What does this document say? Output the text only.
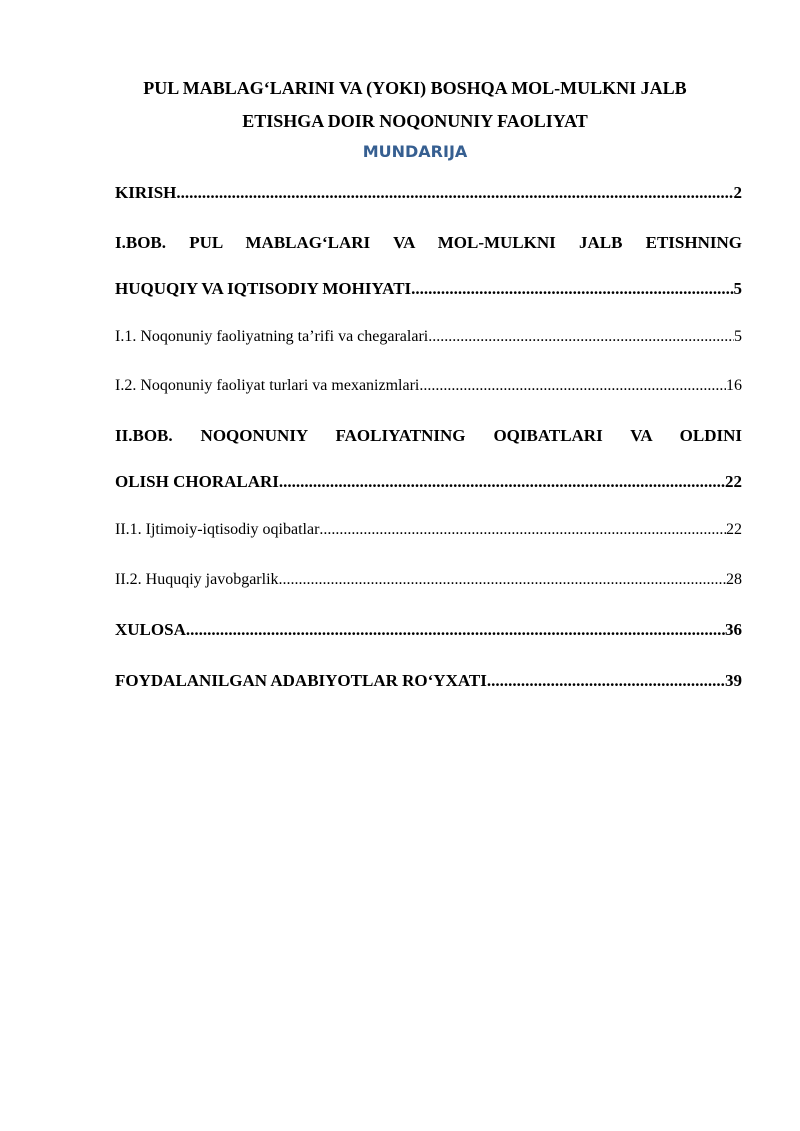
PUL MABLAG‘LARINI VA (YOKI) BOSHQA MOL-MULKNI JALB
ETISHGA DOIR NOQONUNIY FAOLIYAT
MUNDARIJA
KIRISH .....	2
I.BOB. PUL MABLAG‘LARI VA MOL-MULKNI JALB ETISHNING
HUQUQIY VA IQTISODIY MOHIYATI .....	5
I.1. Noqonuniy faoliyatning ta’rifi va chegaralari .....	5
I.2. Noqonuniy faoliyat turlari va mexanizmlari .....	16
II.BOB. NOQONUNIY FAOLIYATNING OQIBATLARI VA OLDINI
OLISH CHORALARI .....	22
II.1. Ijtimoiy-iqtisodiy oqibatlar .....	22
II.2. Huquqiy javobgarlik .....	28
XULOSA .....	36
FOYDALANILGAN ADABIYOTLAR RO‘YXATI .....	39
